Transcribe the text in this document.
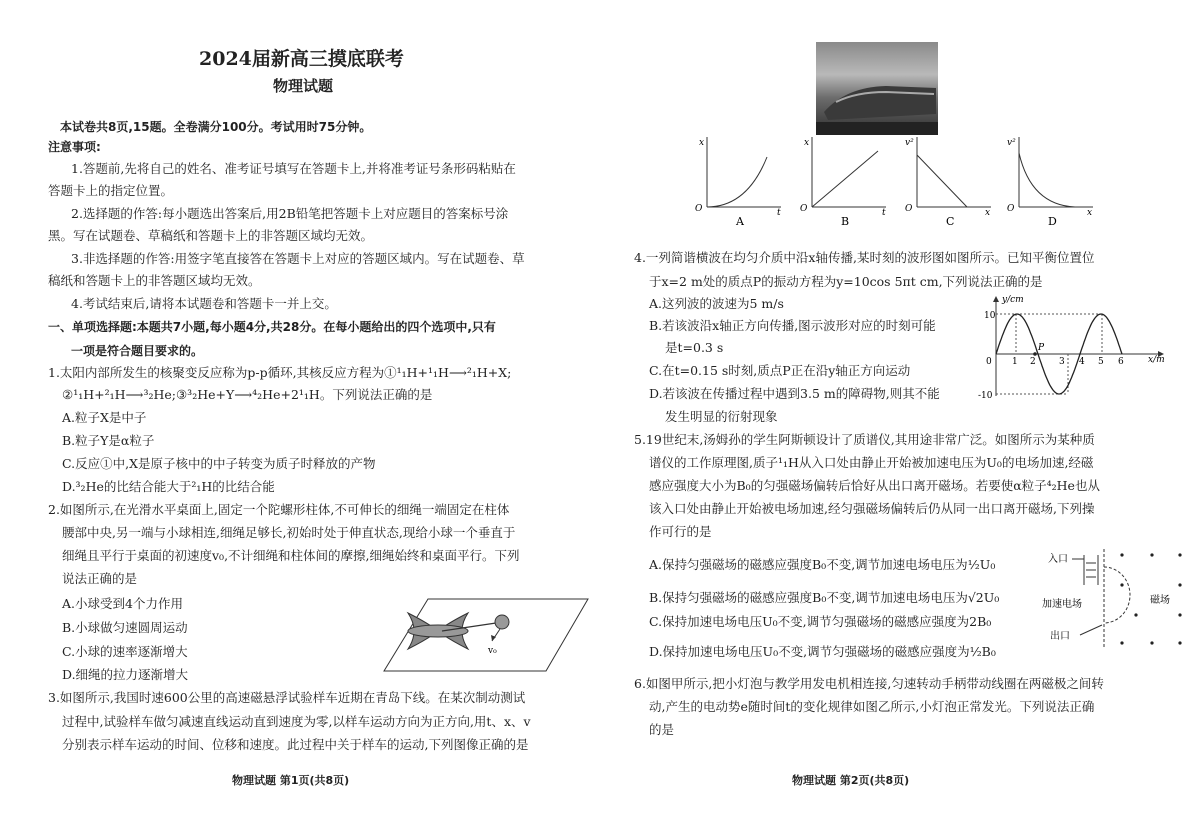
2024届新高三摸底联考
物理试题
本试卷共8页,15题。全卷满分100分。考试用时75分钟。
注意事项:
1.答题前,先将自己的姓名、准考证号填写在答题卡上,并将准考证号条形码粘贴在
答题卡上的指定位置。
2.选择题的作答:每小题选出答案后,用2B铅笔把答题卡上对应题目的答案标号涂
黑。写在试题卷、草稿纸和答题卡上的非答题区域均无效。
3.非选择题的作答:用签字笔直接答在答题卡上对应的答题区域内。写在试题卷、草
稿纸和答题卡上的非答题区域均无效。
4.考试结束后,请将本试题卷和答题卡一并上交。
一、单项选择题:本题共7小题,每小题4分,共28分。在每小题给出的四个选项中,只有
一项是符合题目要求的。
1.太阳内部所发生的核聚变反应称为p-p循环,其核反应方程为①¹₁H+¹₁H⟶²₁H+X;
②¹₁H+²₁H⟶³₂He;③³₂He+Y⟶⁴₂He+2¹₁H。下列说法正确的是
A.粒子X是中子
B.粒子Y是α粒子
C.反应①中,X是原子核中的中子转变为质子时释放的产物
D.³₂He的比结合能大于²₁H的比结合能
2.如图所示,在光滑水平桌面上,固定一个陀螺形柱体,不可伸长的细绳一端固定在柱体
腰部中央,另一端与小球相连,细绳足够长,初始时处于伸直状态,现给小球一个垂直于
细绳且平行于桌面的初速度v₀,不计细绳和柱体间的摩擦,细绳始终和桌面平行。下列
说法正确的是
A.小球受到4个力作用
B.小球做匀速圆周运动
C.小球的速率逐渐增大
D.细绳的拉力逐渐增大
v₀
3.如图所示,我国时速600公里的高速磁悬浮试验样车近期在青岛下线。在某次制动测试
过程中,试验样车做匀减速直线运动直到速度为零,以样车运动方向为正方向,用t、x、v
分别表示样车运动的时间、位移和速度。此过程中关于样车的运动,下列图像正确的是
物理试题 第1页(共8页)
x
t
O
A
x
t
O
B
v²
x
O
C
v²
x
O
D
4.一列简谐横波在均匀介质中沿x轴传播,某时刻的波形图如图所示。已知平衡位置位
于x=2 m处的质点P的振动方程为y=10cos 5πt cm,下列说法正确的是
A.这列波的波速为5 m/s
B.若该波沿x轴正方向传播,图示波形对应的时刻可能
是t=0.3 s
C.在t=0.15 s时刻,质点P正在沿y轴正方向运动
D.若该波在传播过程中遇到3.5 m的障碍物,则其不能
发生明显的衍射现象
y/cm
x/m
10
-10
0 1 2	3 4 5 6
P
5.19世纪末,汤姆孙的学生阿斯顿设计了质谱仪,其用途非常广泛。如图所示为某种质
谱仪的工作原理图,质子¹₁H从入口处由静止开始被加速电压为U₀的电场加速,经磁
感应强度大小为B₀的匀强磁场偏转后恰好从出口离开磁场。若要使α粒子⁴₂He也从
该入口处由静止开始被电场加速,经匀强磁场偏转后仍从同一出口离开磁场,下列操
作可行的是
A.保持匀强磁场的磁感应强度B₀不变,调节加速电场电压为½U₀
B.保持匀强磁场的磁感应强度B₀不变,调节加速电场电压为√2U₀
C.保持加速电场电压U₀不变,调节匀强磁场的磁感应强度为2B₀
D.保持加速电场电压U₀不变,调节匀强磁场的磁感应强度为½B₀
入口
加速电场	磁场
出口
6.如图甲所示,把小灯泡与教学用发电机相连接,匀速转动手柄带动线圈在两磁极之间转
动,产生的电动势e随时间t的变化规律如图乙所示,小灯泡正常发光。下列说法正确
的是
物理试题 第2页(共8页)
